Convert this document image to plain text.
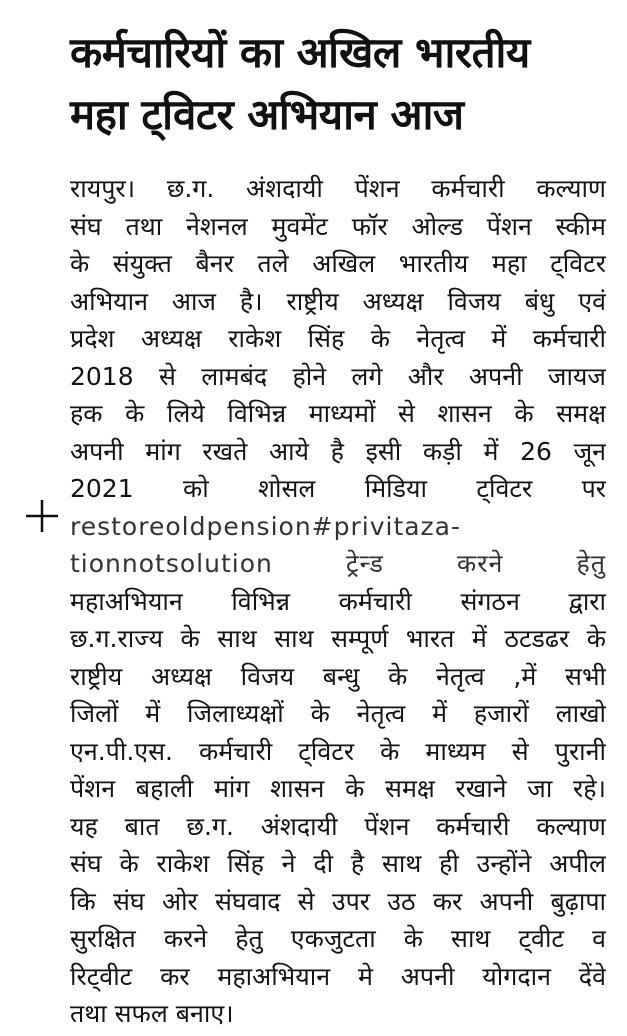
कर्मचारियों का अखिल भारतीय
महा ट्विटर अभियान आज
रायपुर। छ.ग. अंशदायी पेंशन कर्मचारी कल्याण
संघ तथा नेशनल मुवमेंट फॉर ओल्ड पेंशन स्कीम
के संयुक्त बैनर तले अखिल भारतीय महा ट्विटर
अभियान आज है। राष्ट्रीय अध्यक्ष विजय बंधु एवं
प्रदेश अध्यक्ष राकेश सिंह के नेतृत्व में कर्मचारी
2018 से लामबंद होने लगे और अपनी जायज
हक के लिये विभिन्न माध्यमों से शासन के समक्ष
अपनी मांग रखते आये है इसी कड़ी में 26 जून
2021 को शोसल मिडिया ट्विटर पर
restoreoldpension#privitaza-
tionnotsolution ट्रेन्ड करने हेतु
महाअभियान विभिन्न कर्मचारी संगठन द्वारा
छ.ग.राज्य के साथ साथ सम्पूर्ण भारत में ठटडढर के
राष्ट्रीय अध्यक्ष विजय बन्धु के नेतृत्व ,में सभी
जिलों में जिलाध्यक्षों के नेतृत्व में हजारों लाखो
एन.पी.एस. कर्मचारी ट्विटर के माध्यम से पुरानी
पेंशन बहाली मांग शासन के समक्ष रखाने जा रहे।
यह बात छ.ग. अंशदायी पेंशन कर्मचारी कल्याण
संघ के राकेश सिंह ने दी है साथ ही उन्होंने अपील
कि संघ ओर संघवाद से उपर उठ कर अपनी बुढ़ापा
सुरक्षित करने हेतु एकजुटता के साथ ट्वीट व
रिट्वीट कर महाअभियान मे अपनी योगदान देंवे
तथा सफल बनाए।
